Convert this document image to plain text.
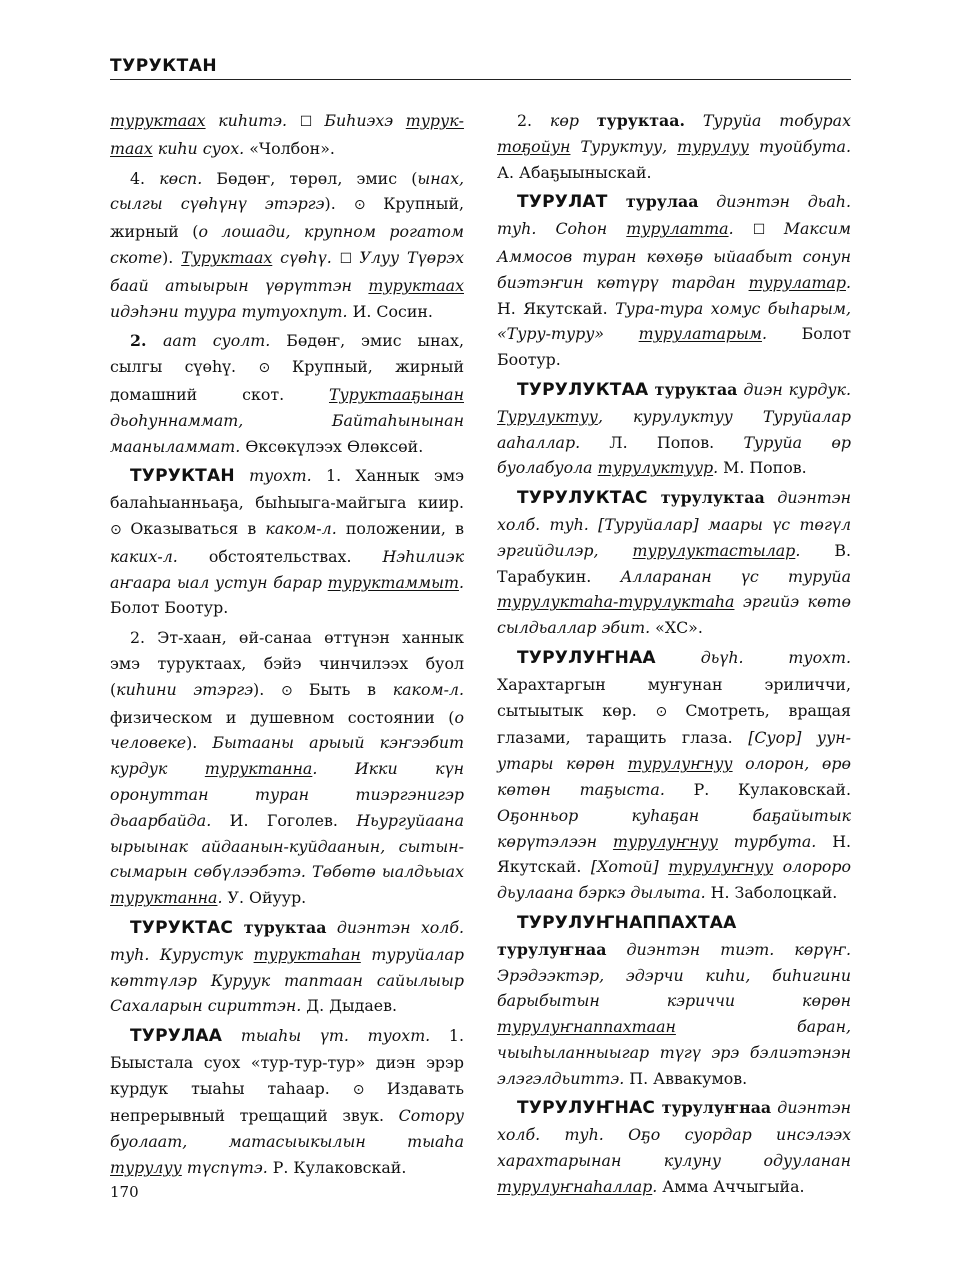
ТУРУКТАН

туруктаах киһитэ. ☐ Биһиэхэ турук-таах киһи суох. «Чолбон».

4. көсп. Бөдөҥ, төрөл, эмис (ынах, сылгы сүөһүнү этэргэ). ⊙ Крупный, жирный (о лошади, крупном рогатом скоте). Туруктаах сүөһү. ☐ Улуу Түөрэх баай атыырын үөрүттэн туруктаах идэһэни тууpa тутуохпут. И. Сосин.

2. аат суолт. Бөдөҥ, эмис ынах, сылгы сүөһү. ⊙ Крупный, жирный домашний скот. Туруктааҕынан дьоһуннаммат, Байтаһынынан мааныламмат. Өксөкүлээх Өлөксөй.

ТУРУКТАН туохт. 1. Ханнык эмэ балаһыанньаҕа, быһыыга-майгыга киир. ⊙ Оказываться в каком-л. положении, в каких-л. обстоятельствах. Нэһилиэк аҥаара ыал устун барар туруктаммыт. Болот Боотур.

2. Эт-хаан, өй-санаа өттүнэн ханнык эмэ туруктаах, бэйэ чинчилээх буол (киһини этэргэ). ⊙ Быть в каком-л. физическом и душевном состоянии (о человеке). Бытааны арыый кэҥээбит курдук туруктанна. Икки күн оронуттан туран тиэргэнигэр дьаарбайда. И. Гоголев. Ньургуйаана ырыынак айдаанын-куйдаанын, сытын-сымарын сөбүлээбэтэ. Төбөтө ыалдьыах туруктанна. У. Ойуур.

ТУРУКТАС туруктаа диэнтэн холб. туһ. Курустук туруктаһан туруйалар көттүлэр Куруук таптаан сайылыыр Сахаларын сириттэн. Д. Дыдаев.

ТУРУЛАА тыаһы үт. туохт. 1. Быыстала суох «тур-тур-тур» диэн эрэр курдук тыаһы таһаар. ⊙ Издавать непрерывный трещащий звук. Сотору буолаат, матасыыкылын тыаһа турулуу түспүтэ. Р. Кулаковскай.

2. көр туруктаа. Туруйа тобурах тоҕойун Туруктуу, турулуу туойбута. А. Абаҕыыныскай.

ТУРУЛАТ турулаа диэнтэн дьаһ. туһ. Соһон турулатта. ☐ Максим Аммосов туран көхөҕө ыйаабыт сонун биэтэҥин көтүрү тардан турулатар. Н. Якутскай. Тура-тура хомус быһарым, «Туру-туру» турулатарым. Болот Боотур.

ТУРУЛУКТАА туруктаа диэн курдук. Турулуктуу, курулуктуу Туруйалар ааһаллар. Л. Попов. Туруйа өр буолабуола турулуктуур. М. Попов.

ТУРУЛУКТАС турулуктаа диэнтэн холб. туһ. [Туруйалар] маары үс төгүл эргийдилэр, турулуктастылар. В. Тарабукин. Алларанан үс туруйа турулуктаһа-турулуктаһа эргийэ көтө сылдьаллар эбит. «ХС».

ТУРУЛУҤНАА дьүһ. туохт. Харахтаргын муҥунан эриличчи, сытыытык көр. ⊙ Смотреть, вращая глазами, таращить глаза. [Суор] уун-утары көрөн турулуҥнуу олорон, өрө көтөн таҕыста. Р. Кулаковскай. Оҕонньор куһаҕан баҕайытык көрүтэлээн турулуҥнуу турбута. Н. Якутскай. [Хотой] турулуҥнуу олороро дьулаана бэркэ дылыта. Н. Заболоцкай.

ТУРУЛУҤНАППАХТАА турулуҥнаа диэнтэн тиэт. көрүҥ. Эрэдээктэр, эдэрчи киһи, биһигини барыбытын кэриччи көрөн турулуҥнаппахтаан баран, чыыһыланныыгар түгү эрэ бэлиэтэнэн элэгэлдьиттэ. П. Аввакумов.

ТУРУЛУҤНАС турулуҥнаа диэнтэн холб. туһ. Оҕо суордар инсэлээх харахтарынан кулуну одууланан турулуҥнаһаллар. Амма Аччыгыйа.

170
